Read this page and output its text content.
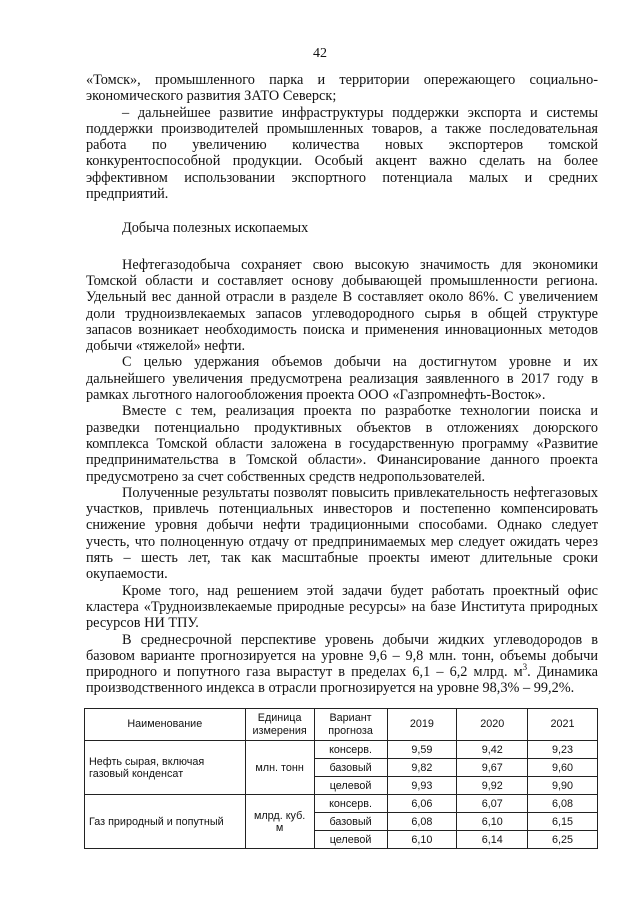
42

«Томск», промышленного парка и территории опережающего социально-экономического развития ЗАТО Северск;

– дальнейшее развитие инфраструктуры поддержки экспорта и системы поддержки производителей промышленных товаров, а также последовательная работа по увеличению количества новых экспортеров томской конкурентоспособной продукции. Особый акцент важно сделать на более эффективном использовании экспортного потенциала малых и средних предприятий.

Добыча полезных ископаемых

Нефтегазодобыча сохраняет свою высокую значимость для экономики Томской области и составляет основу добывающей промышленности региона. Удельный вес данной отрасли в разделе В составляет около 86%. С увеличением доли трудноизвлекаемых запасов углеводородного сырья в общей структуре запасов возникает необходимость поиска и применения инновационных методов добычи «тяжелой» нефти.

С целью удержания объемов добычи на достигнутом уровне и их дальнейшего увеличения предусмотрена реализация заявленного в 2017 году в рамках льготного налогообложения проекта ООО «Газпромнефть-Восток».

Вместе с тем, реализация проекта по разработке технологии поиска и разведки потенциально продуктивных объектов в отложениях доюрского комплекса Томской области заложена в государственную программу «Развитие предпринимательства в Томской области». Финансирование данного проекта предусмотрено за счет собственных средств недропользователей.

Полученные результаты позволят повысить привлекательность нефтегазовых участков, привлечь потенциальных инвесторов и постепенно компенсировать снижение уровня добычи нефти традиционными способами. Однако следует учесть, что полноценную отдачу от предпринимаемых мер следует ожидать через пять – шесть лет, так как масштабные проекты имеют длительные сроки окупаемости.

Кроме того, над решением этой задачи будет работать проектный офис кластера «Трудноизвлекаемые природные ресурсы» на базе Института природных ресурсов НИ ТПУ.

В среднесрочной перспективе уровень добычи жидких углеводородов в базовом варианте прогнозируется на уровне 9,6 – 9,8 млн. тонн, объемы добычи природного и попутного газа вырастут в пределах 6,1 – 6,2 млрд. $м^3$. Динамика производственного индекса в отрасли прогнозируется на уровне 98,3% – 99,2%.

Наименование	Единица измерения	Вариант прогноза	2019	2020	2021
Нефть сырая, включая газовый конденсат	млн. тонн	консерв.	9,59	9,42	9,23
		базовый	9,82	9,67	9,60
		целевой	9,93	9,92	9,90
Газ природный и попутный	млрд. куб. м	консерв.	6,06	6,07	6,08
		базовый	6,08	6,10	6,15
		целевой	6,10	6,14	6,25
